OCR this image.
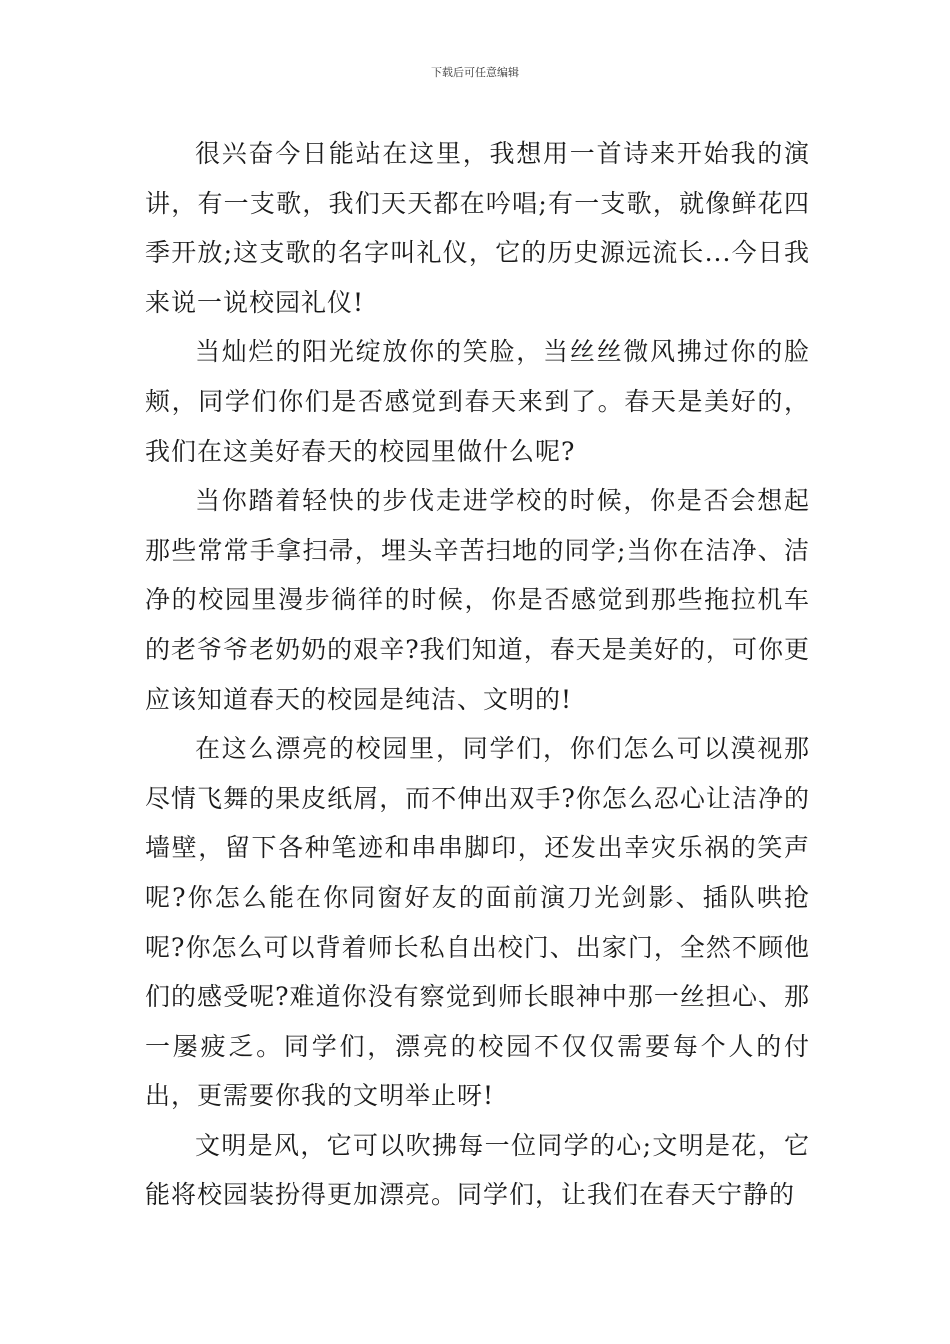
下载后可任意编辑

很兴奋今日能站在这里，我想用一首诗来开始我的演讲，有一支歌，我们天天都在吟唱;有一支歌，就像鲜花四季开放;这支歌的名字叫礼仪，它的历史源远流长...今日我来说一说校园礼仪!

当灿烂的阳光绽放你的笑脸，当丝丝微风拂过你的脸颊，同学们你们是否感觉到春天来到了。春天是美好的，我们在这美好春天的校园里做什么呢?

当你踏着轻快的步伐走进学校的时候，你是否会想起那些常常手拿扫帚，埋头辛苦扫地的同学;当你在洁净、洁净的校园里漫步徜徉的时候，你是否感觉到那些拖拉机车的老爷爷老奶奶的艰辛?我们知道，春天是美好的，可你更应该知道春天的校园是纯洁、文明的!

在这么漂亮的校园里，同学们，你们怎么可以漠视那尽情飞舞的果皮纸屑，而不伸出双手?你怎么忍心让洁净的墙壁，留下各种笔迹和串串脚印，还发出幸灾乐祸的笑声呢?你怎么能在你同窗好友的面前演刀光剑影、插队哄抢呢?你怎么可以背着师长私自出校门、出家门，全然不顾他们的感受呢?难道你没有察觉到师长眼神中那一丝担心、那一屡疲乏。同学们，漂亮的校园不仅仅需要每个人的付出，更需要你我的文明举止呀!

文明是风，它可以吹拂每一位同学的心;文明是花，它能将校园装扮得更加漂亮。同学们，让我们在春天宁静的
